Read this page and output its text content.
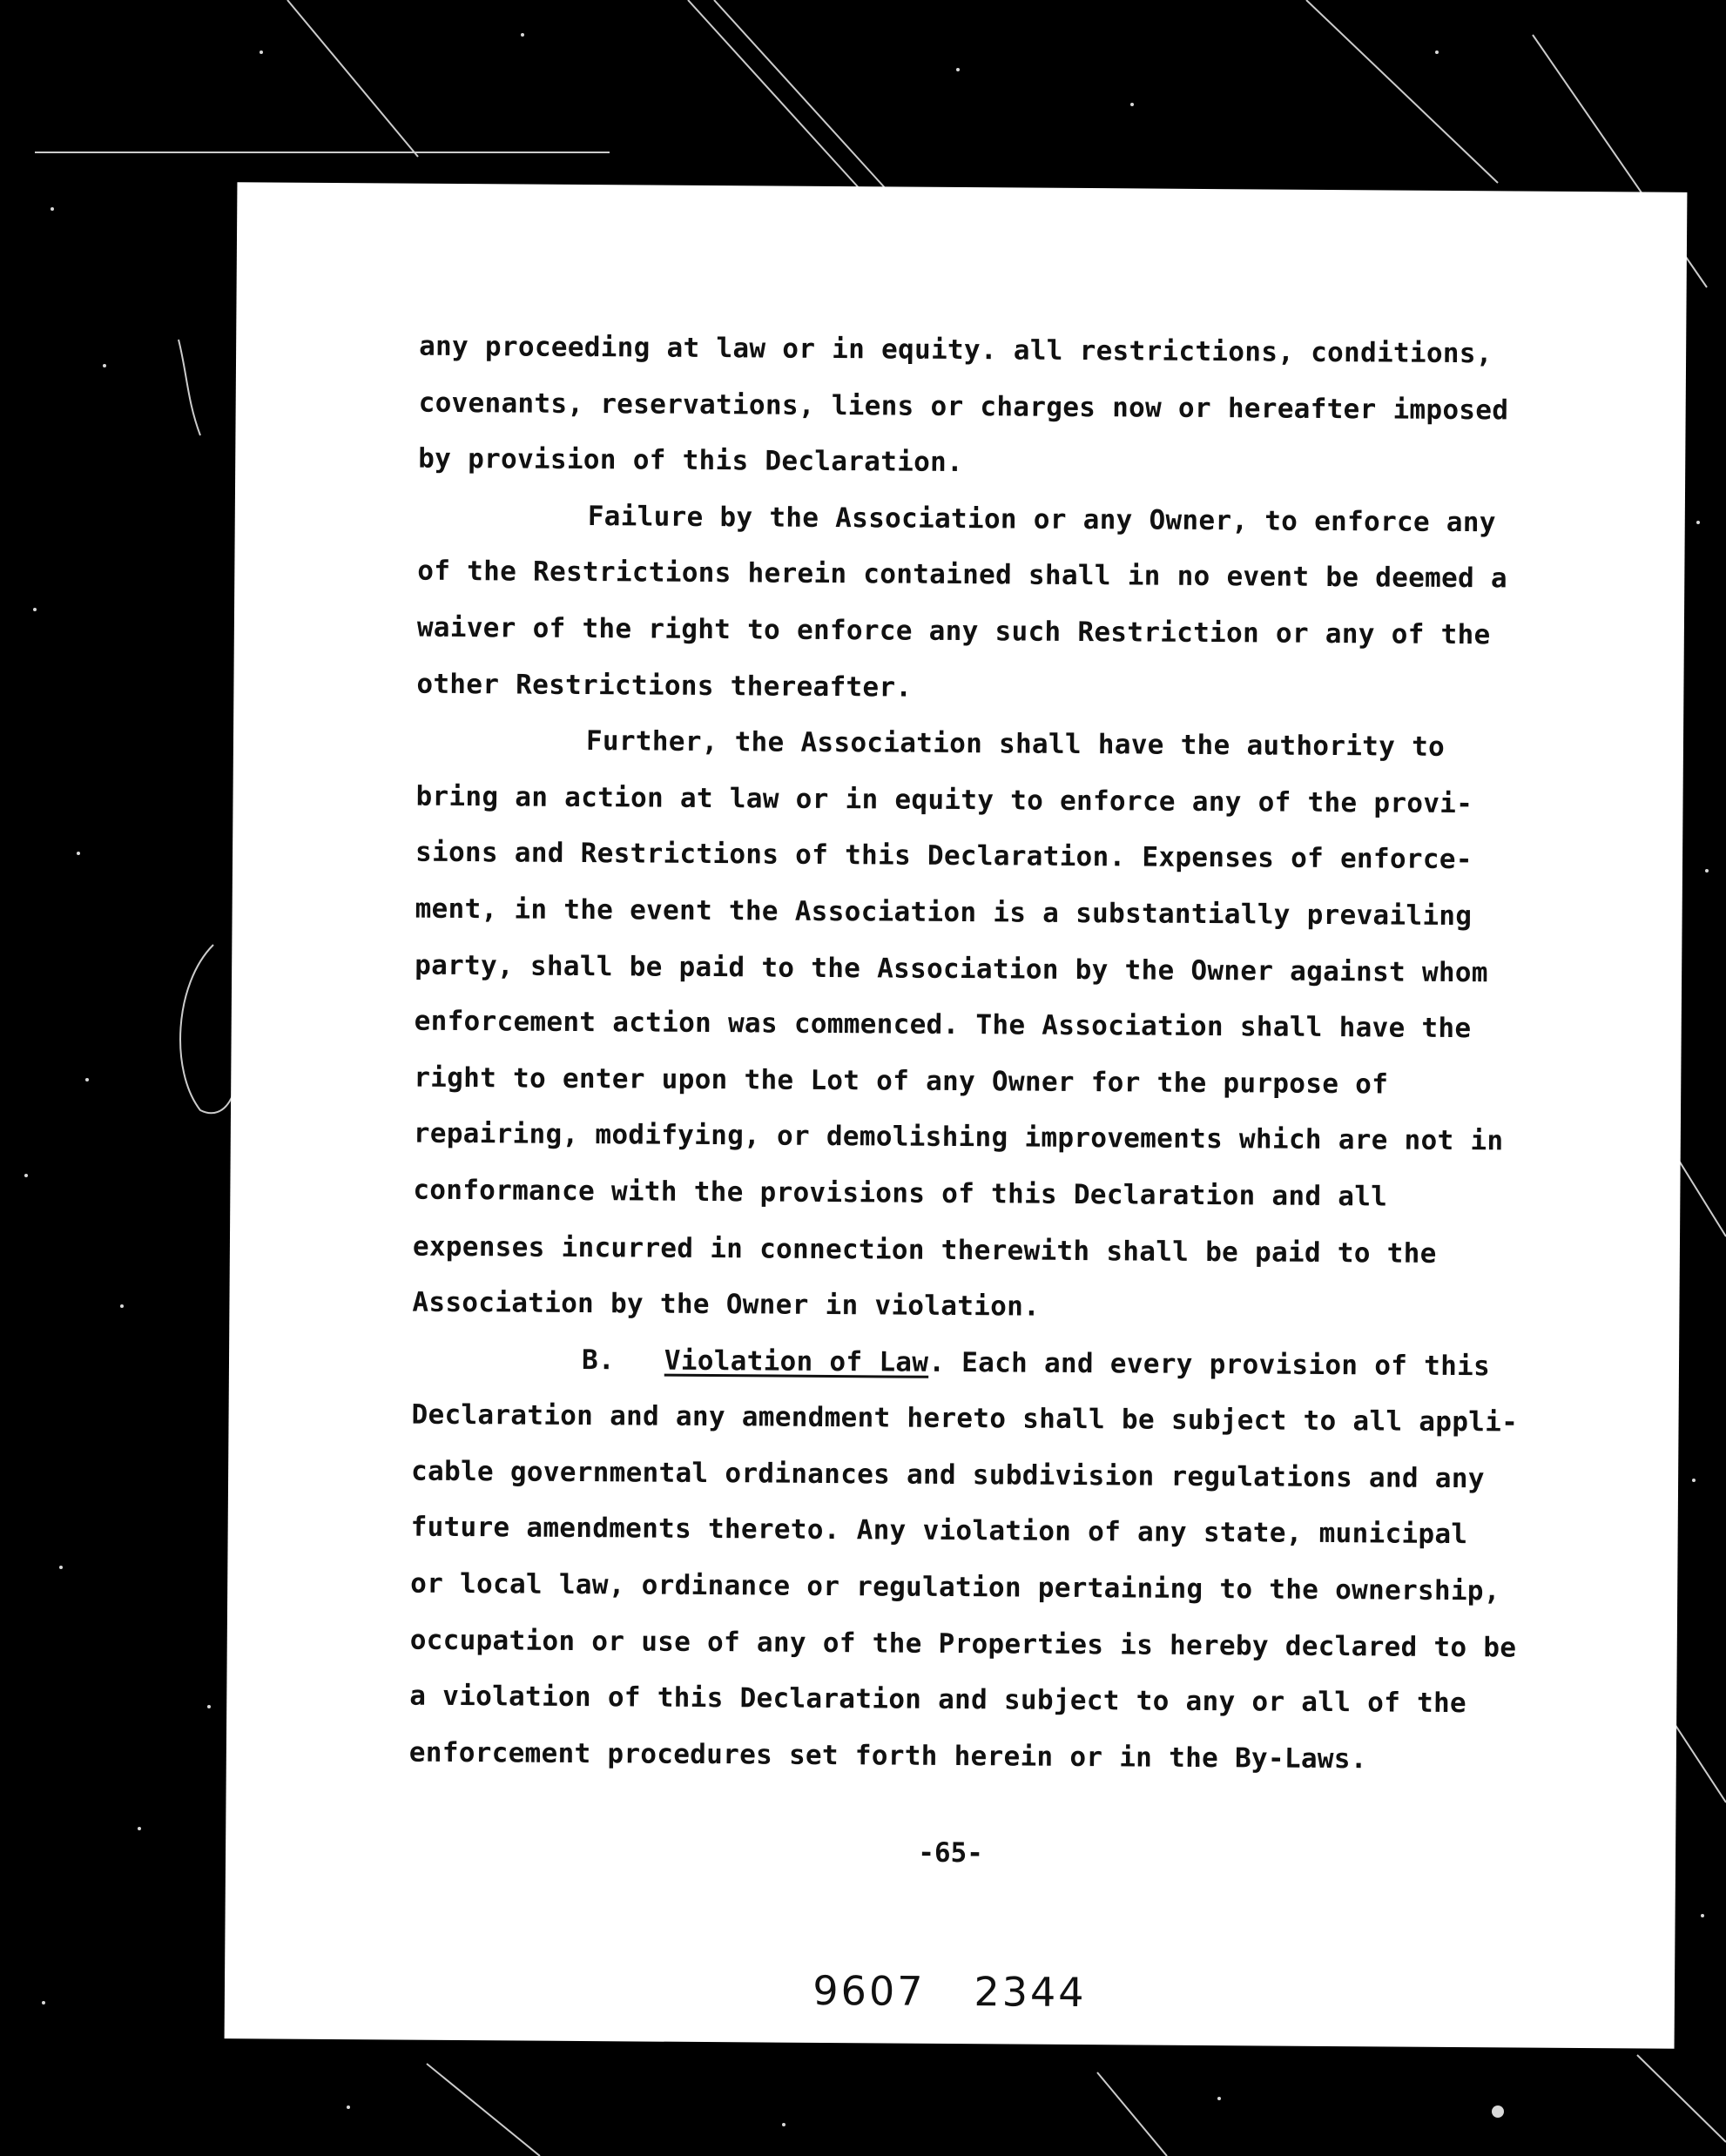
any proceeding at law or in equity. all restrictions, conditions,
covenants, reservations, liens or charges now or hereafter imposed
by provision of this Declaration.
Failure by the Association or any Owner, to enforce any
of the Restrictions herein contained shall in no event be deemed a
waiver of the right to enforce any such Restriction or any of the
other Restrictions thereafter.
Further, the Association shall have the authority to
bring an action at law or in equity to enforce any of the provi-
sions and Restrictions of this Declaration. Expenses of enforce-
ment, in the event the Association is a substantially prevailing
party, shall be paid to the Association by the Owner against whom
enforcement action was commenced. The Association shall have the
right to enter upon the Lot of any Owner for the purpose of
repairing, modifying, or demolishing improvements which are not in
conformance with the provisions of this Declaration and all
expenses incurred in connection therewith shall be paid to the
Association by the Owner in violation.
B. Violation of Law. Each and every provision of this
Declaration and any amendment hereto shall be subject to all appli-
cable governmental ordinances and subdivision regulations and any
future amendments thereto. Any violation of any state, municipal
or local law, ordinance or regulation pertaining to the ownership,
occupation or use of any of the Properties is hereby declared to be
a violation of this Declaration and subject to any or all of the
enforcement procedures set forth herein or in the By-Laws.
-65-
9607 2344
